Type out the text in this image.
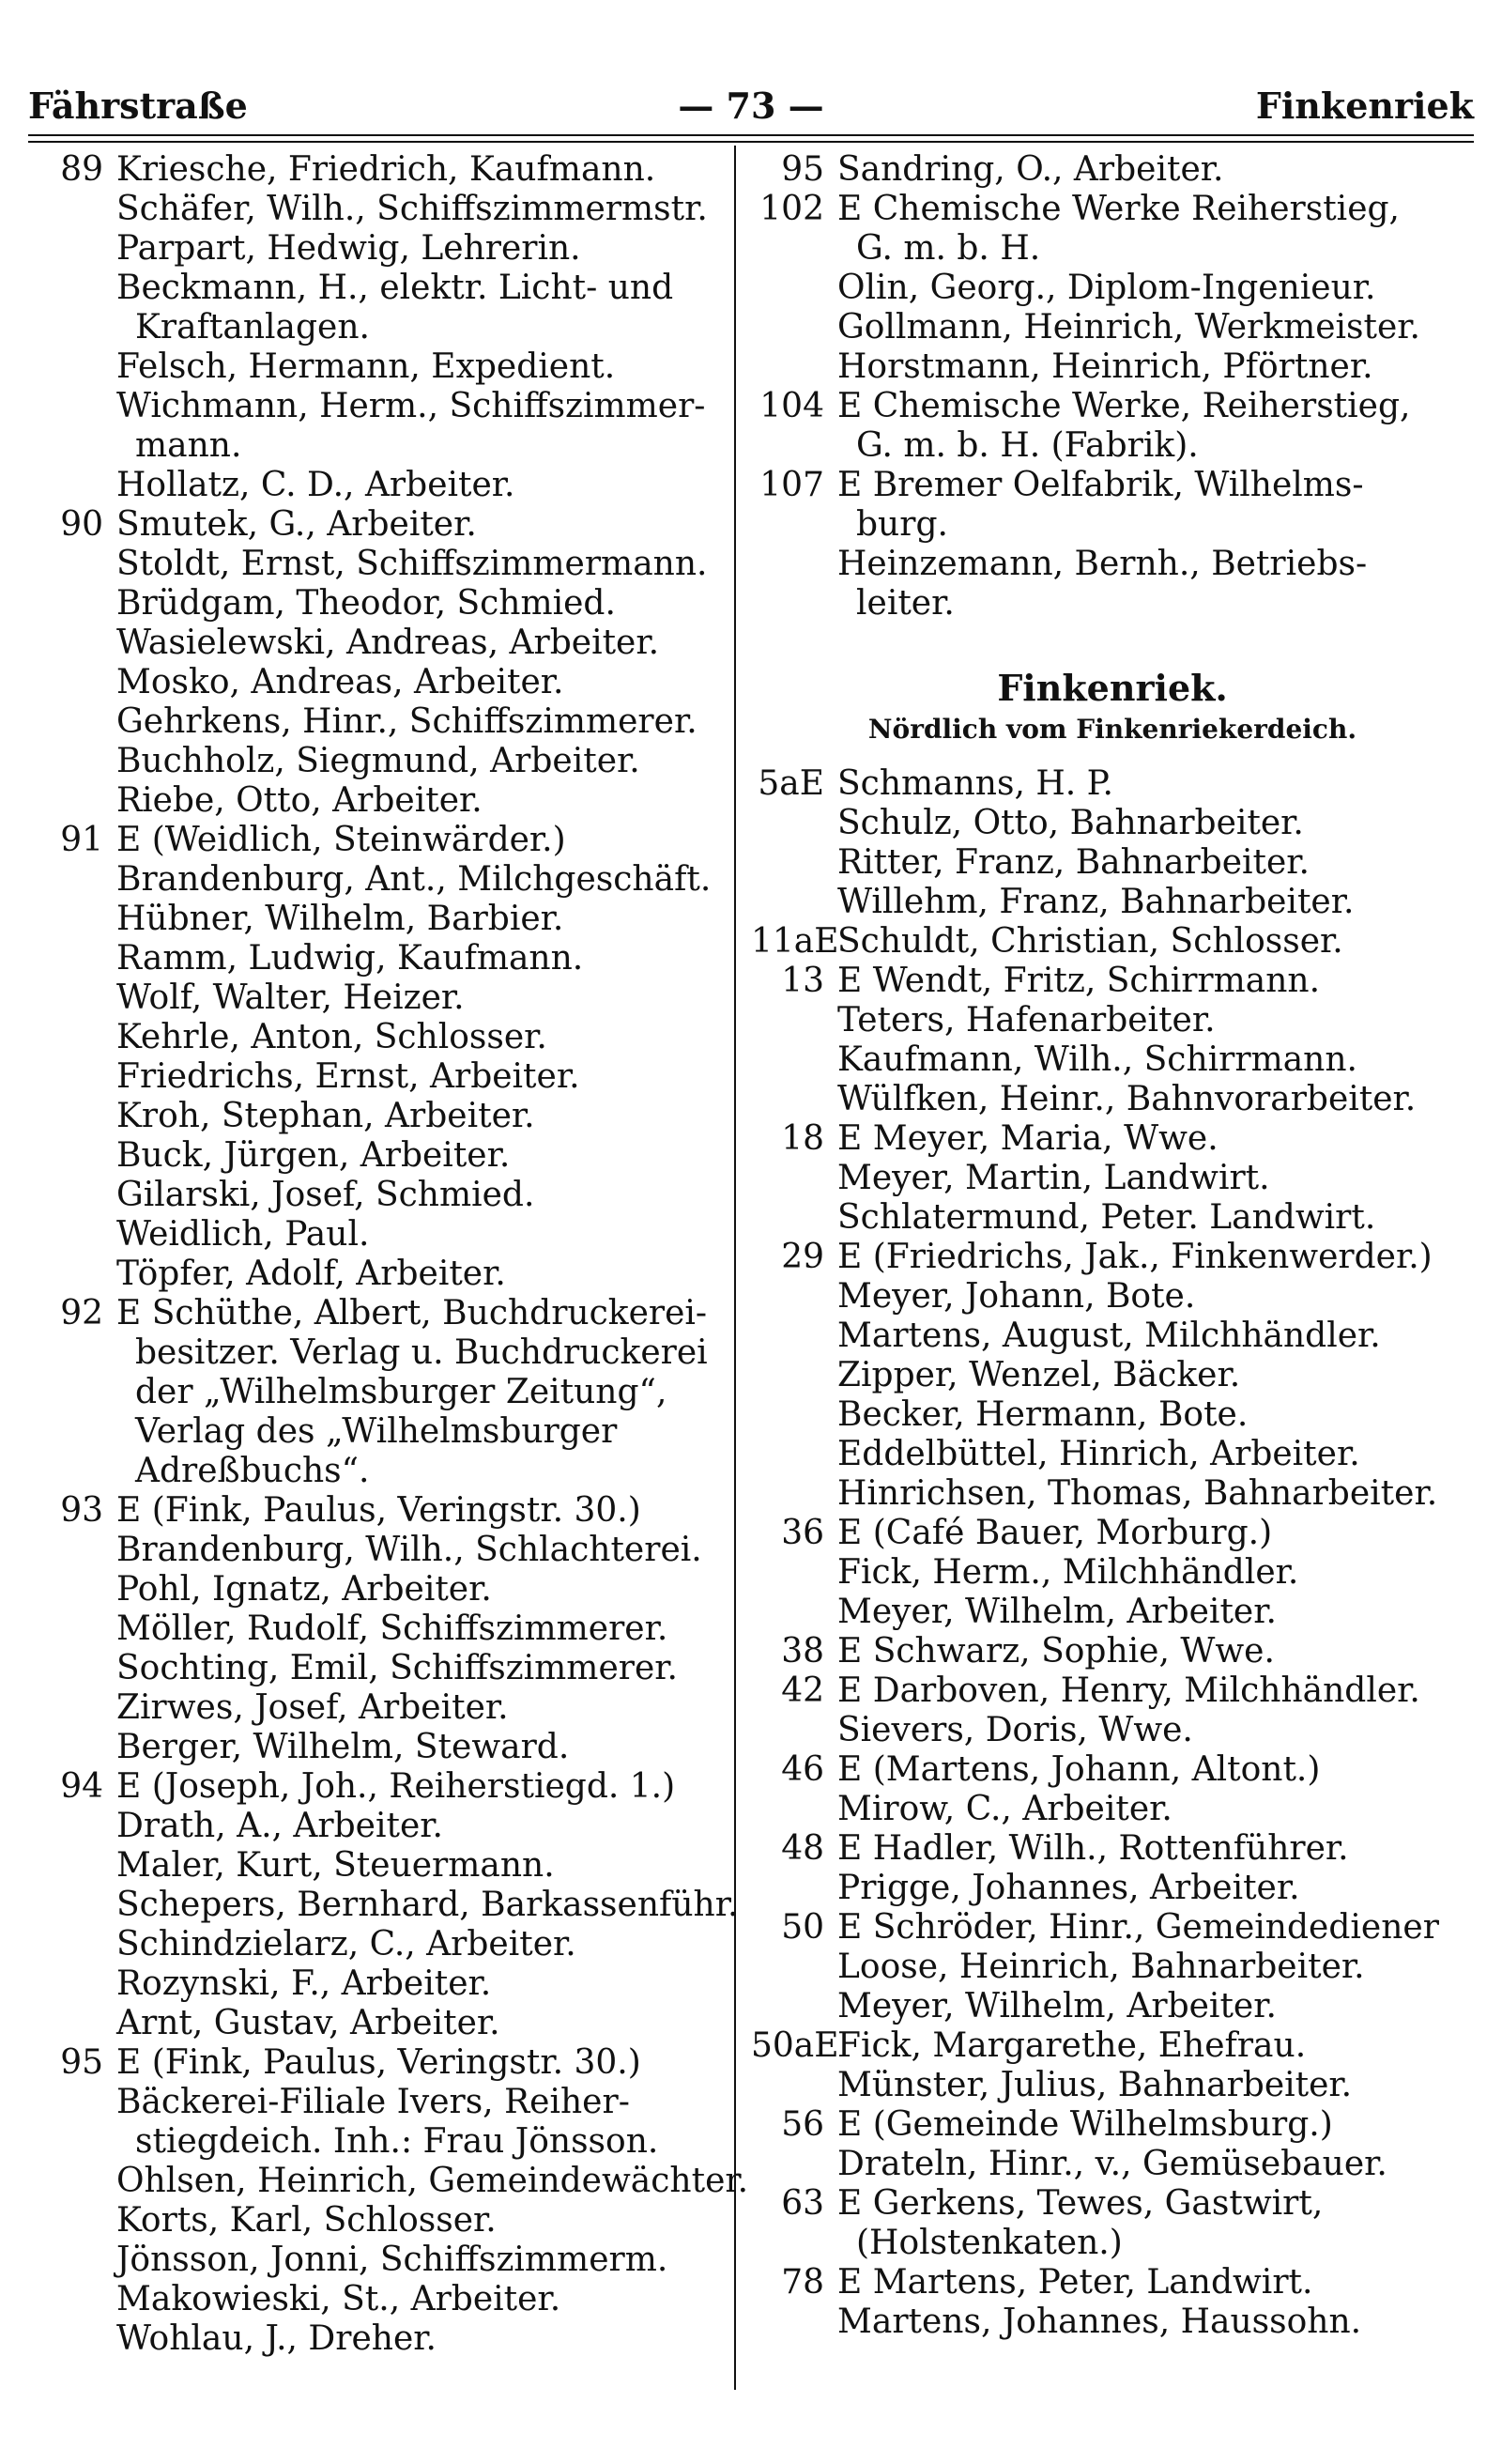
Fährstraße	— 73 —	Finkenriek
89 Kriesche, Friedrich, Kaufmann.
Schäfer, Wilh., Schiffszimmermstr.
Parpart, Hedwig, Lehrerin.
Beckmann, H., elektr. Licht- und
Kraftanlagen.
Felsch, Hermann, Expedient.
Wichmann, Herm., Schiffszimmer-
mann.
Hollatz, C. D., Arbeiter.
90 Smutek, G., Arbeiter.
Stoldt, Ernst, Schiffszimmermann.
Brüdgam, Theodor, Schmied.
Wasielewski, Andreas, Arbeiter.
Mosko, Andreas, Arbeiter.
Gehrkens, Hinr., Schiffszimmerer.
Buchholz, Siegmund, Arbeiter.
Riebe, Otto, Arbeiter.
91 E (Weidlich, Steinwärder.)
Brandenburg, Ant., Milchgeschäft.
Hübner, Wilhelm, Barbier.
Ramm, Ludwig, Kaufmann.
Wolf, Walter, Heizer.
Kehrle, Anton, Schlosser.
Friedrichs, Ernst, Arbeiter.
Kroh, Stephan, Arbeiter.
Buck, Jürgen, Arbeiter.
Gilarski, Josef, Schmied.
Weidlich, Paul.
Töpfer, Adolf, Arbeiter.
92 E Schüthe, Albert, Buchdruckerei-
besitzer. Verlag u. Buchdruckerei
der „Wilhelmsburger Zeitung“,
Verlag des „Wilhelmsburger
Adreßbuchs“.
93 E (Fink, Paulus, Veringstr. 30.)
Brandenburg, Wilh., Schlachterei.
Pohl, Ignatz, Arbeiter.
Möller, Rudolf, Schiffszimmerer.
Sochting, Emil, Schiffszimmerer.
Zirwes, Josef, Arbeiter.
Berger, Wilhelm, Steward.
94 E (Joseph, Joh., Reiherstiegd. 1.)
Drath, A., Arbeiter.
Maler, Kurt, Steuermann.
Schepers, Bernhard, Barkassenführ.
Schindzielarz, C., Arbeiter.
Rozynski, F., Arbeiter.
Arnt, Gustav, Arbeiter.
95 E (Fink, Paulus, Veringstr. 30.)
Bäckerei-Filiale Ivers, Reiher-
stiegdeich. Inh.: Frau Jönsson.
Ohlsen, Heinrich, Gemeindewächter.
Korts, Karl, Schlosser.
Jönsson, Jonni, Schiffszimmerm.
Makowieski, St., Arbeiter.
Wohlau, J., Dreher.
95 Sandring, O., Arbeiter.
102 E Chemische Werke Reiherstieg,
G. m. b. H.
Olin, Georg., Diplom-Ingenieur.
Gollmann, Heinrich, Werkmeister.
Horstmann, Heinrich, Pförtner.
104 E Chemische Werke, Reiherstieg,
G. m. b. H. (Fabrik).
107 E Bremer Oelfabrik, Wilhelms-
burg.
Heinzemann, Bernh., Betriebs-
leiter.
Finkenriek.
Nördlich vom Finkenriekerdeich.
5aE Schmanns, H. P.
Schulz, Otto, Bahnarbeiter.
Ritter, Franz, Bahnarbeiter.
Willehm, Franz, Bahnarbeiter.
11aE
Schuldt, Christian, Schlosser.
13 E Wendt, Fritz, Schirrmann.
Teters, Hafenarbeiter.
Kaufmann, Wilh., Schirrmann.
Wülfken, Heinr., Bahnvorarbeiter.
18 E Meyer, Maria, Wwe.
Meyer, Martin, Landwirt.
Schlatermund, Peter. Landwirt.
29 E (Friedrichs, Jak., Finkenwerder.)
Meyer, Johann, Bote.
Martens, August, Milchhändler.
Zipper, Wenzel, Bäcker.
Becker, Hermann, Bote.
Eddelbüttel, Hinrich, Arbeiter.
Hinrichsen, Thomas, Bahnarbeiter.
36 E (Café Bauer, Morburg.)
Fick, Herm., Milchhändler.
Meyer, Wilhelm, Arbeiter.
38 E Schwarz, Sophie, Wwe.
42 E Darboven, Henry, Milchhändler.
Sievers, Doris, Wwe.
46 E (Martens, Johann, Altont.)
Mirow, C., Arbeiter.
48 E Hadler, Wilh., Rottenführer.
Prigge, Johannes, Arbeiter.
50 E Schröder, Hinr., Gemeindediener
Loose, Heinrich, Bahnarbeiter.
Meyer, Wilhelm, Arbeiter.
50aE
Fick, Margarethe, Ehefrau.
Münster, Julius, Bahnarbeiter.
56 E (Gemeinde Wilhelmsburg.)
Drateln, Hinr., v., Gemüsebauer.
63 E Gerkens, Tewes, Gastwirt,
(Holstenkaten.)
78 E Martens, Peter, Landwirt.
Martens, Johannes, Haussohn.
